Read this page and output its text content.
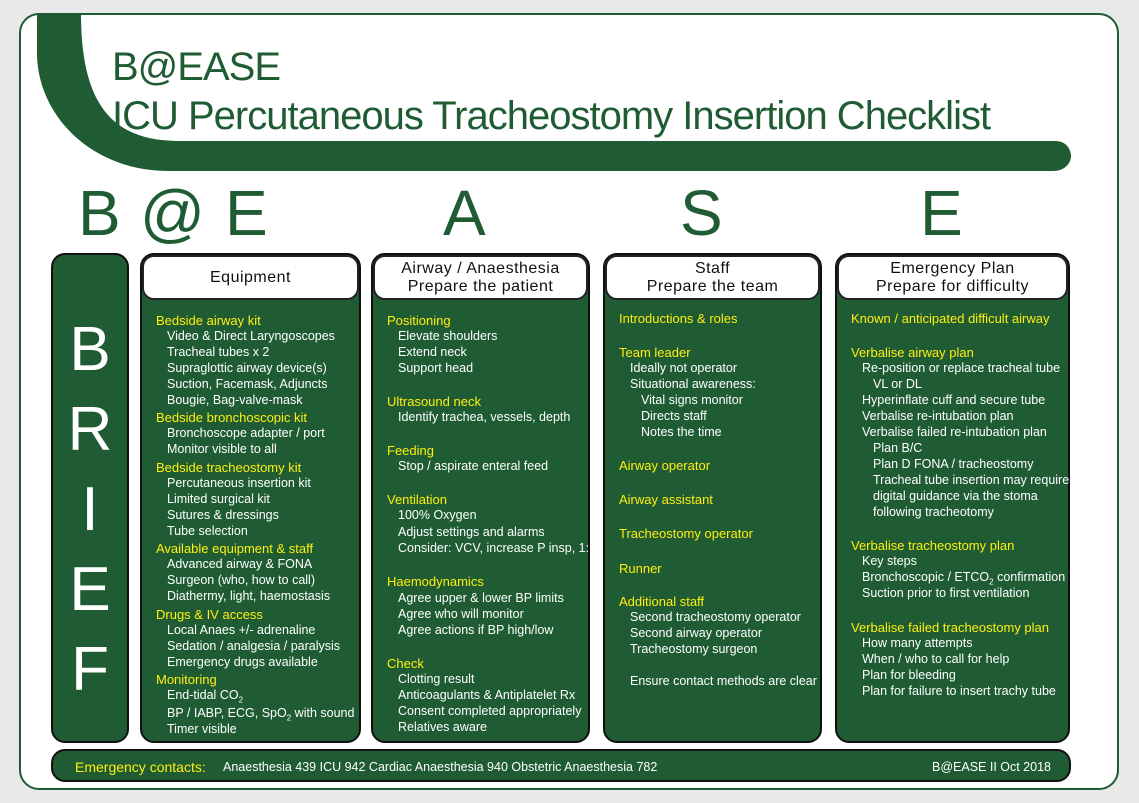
B@EASE
ICU Percutaneous Tracheostomy Insertion Checklist
B @ E	A	S	E
B
R
I
E
F
Equipment
Bedside airway kit
Video & Direct Laryngoscopes
Tracheal tubes x 2
Supraglottic airway device(s)
Suction, Facemask, Adjuncts
Bougie, Bag-valve-mask
Bedside bronchoscopic kit
Bronchoscope adapter / port
Monitor visible to all
Bedside tracheostomy kit
Percutaneous insertion kit
Limited surgical kit
Sutures & dressings
Tube selection
Available equipment & staff
Advanced airway & FONA
Surgeon (who, how to call)
Diathermy, light, haemostasis
Drugs & IV access
Local Anaes +/- adrenaline
Sedation / analgesia / paralysis
Emergency drugs available
Monitoring
End-tidal $CO_2$
BP / IABP, ECG, SpO$_2$ with sound
Timer visible
Airway / Anaesthesia
Prepare the patient
Positioning
Elevate shoulders
Extend neck
Support head
Ultrasound neck
Identify trachea, vessels, depth
Feeding
Stop / aspirate enteral feed
Ventilation
100% Oxygen
Adjust settings and alarms
Consider: VCV, increase P insp, 1:1
Haemodynamics
Agree upper & lower BP limits
Agree who will monitor
Agree actions if BP high/low
Check
Clotting result
Anticoagulants & Antiplatelet Rx
Consent completed appropriately
Relatives aware
Staff
Prepare the team
Introductions & roles
Team leader
Ideally not operator
Situational awareness:
Vital signs monitor
Directs staff
Notes the time
Airway operator
Airway assistant
Tracheostomy operator
Runner
Additional staff
Second tracheostomy operator
Second airway operator
Tracheostomy surgeon
Ensure contact methods are clear
Emergency Plan
Prepare for difficulty
Known / anticipated difficult airway
Verbalise airway plan
Re-position or replace tracheal tube
VL or DL
Hyperinflate cuff and secure tube
Verbalise re-intubation plan
Verbalise failed re-intubation plan
Plan B/C
Plan D FONA / tracheostomy
Tracheal tube insertion may require
digital guidance via the stoma
following tracheotomy
Verbalise tracheostomy plan
Key steps
Bronchoscopic / $ETCO_2$ confirmation
Suction prior to first ventilation
Verbalise failed tracheostomy plan
How many attempts
When / who to call for help
Plan for bleeding
Plan for failure to insert trachy tube
Emergency contacts: Anaesthesia 439 ICU 942 Cardiac Anaesthesia 940 Obstetric Anaesthesia 782	B@EASE II Oct 2018
